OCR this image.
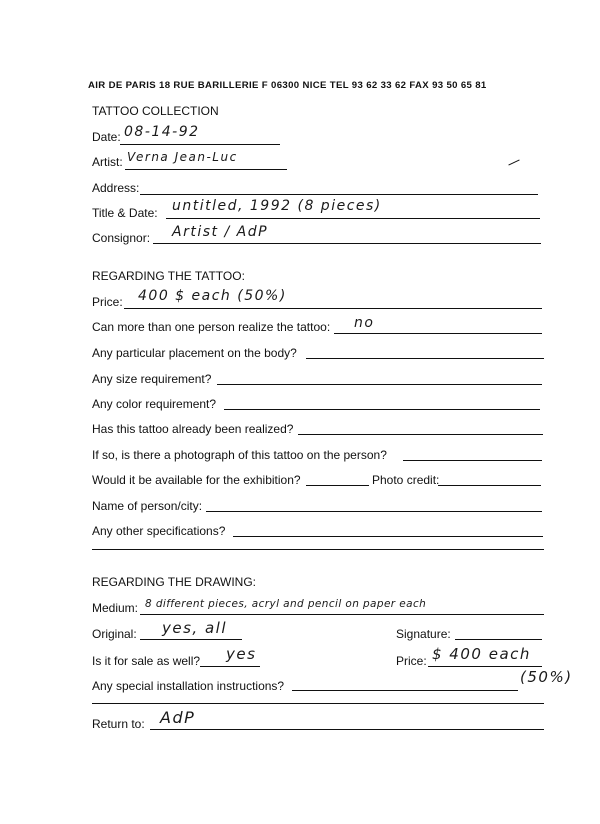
AIR DE PARIS 18 RUE BARILLERIE F 06300 NICE TEL 93 62 33 62 FAX 93 50 65 81
TATTOO COLLECTION
Date: 08-14-92
Artist: Verna Jean-Luc
Address:
Title & Date: untitled, 1992 (8 pieces)
Consignor: Artist / AdP
REGARDING THE TATTOO:
Price: 400 $ each (50%)
Can more than one person realize the tattoo: no
Any particular placement on the body?
Any size requirement?
Any color requirement?
Has this tattoo already been realized?
If so, is there a photograph of this tattoo on the person?
Would it be available for the exhibition?	Photo credit:
Name of person/city:
Any other specifications?
REGARDING THE DRAWING:
Medium: 8 different pieces, acryl and pencil on paper each
Original: yes, all	Signature:
Is it for sale as well? yes	Price: $ 400 each
(50%)
Any special installation instructions?
Return to: AdP
